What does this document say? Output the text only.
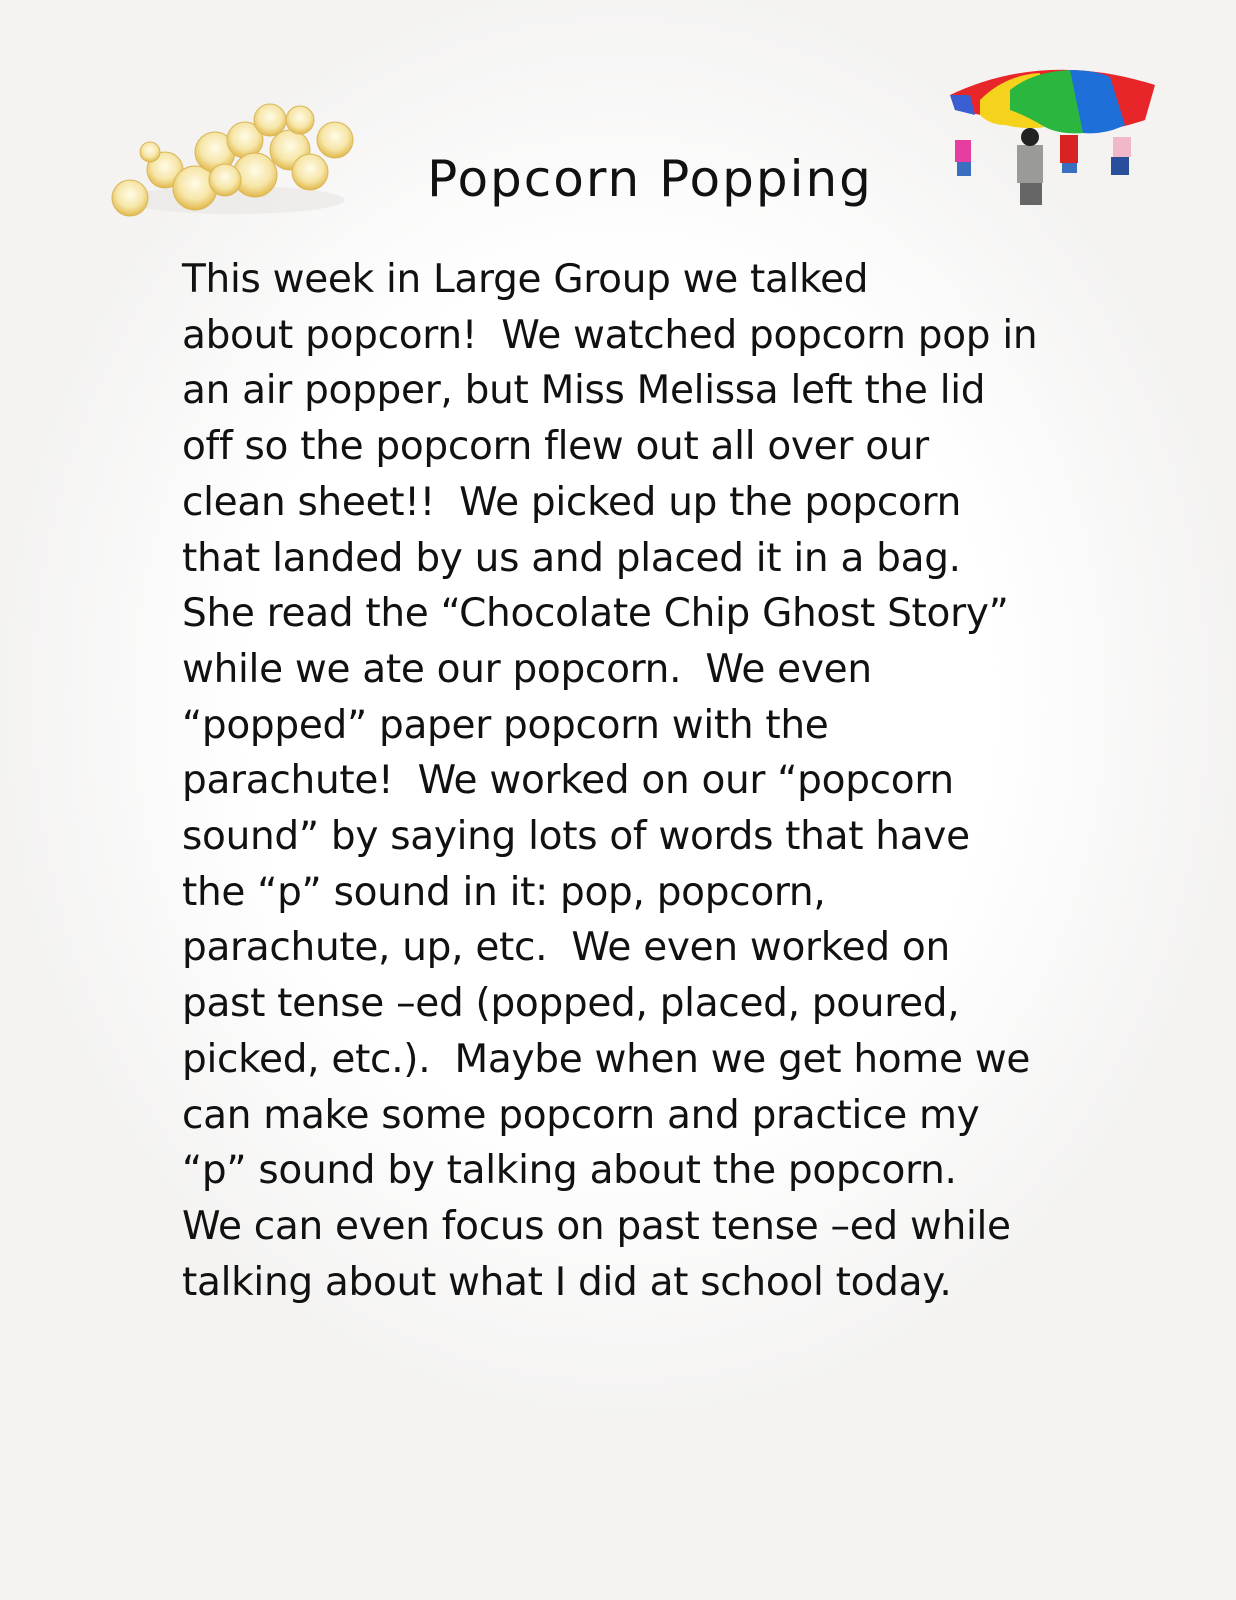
Popcorn Popping
This week in Large Group we talked
about popcorn!  We watched popcorn pop in
an air popper, but Miss Melissa left the lid
off so the popcorn flew out all over our
clean sheet!!  We picked up the popcorn
that landed by us and placed it in a bag.
She read the “Chocolate Chip Ghost Story”
while we ate our popcorn.  We even
“popped” paper popcorn with the
parachute!  We worked on our “popcorn
sound” by saying lots of words that have
the “p” sound in it: pop, popcorn,
parachute, up, etc.  We even worked on
past tense –ed (popped, placed, poured,
picked, etc.).  Maybe when we get home we
can make some popcorn and practice my
“p” sound by talking about the popcorn.
We can even focus on past tense –ed while
talking about what I did at school today.
